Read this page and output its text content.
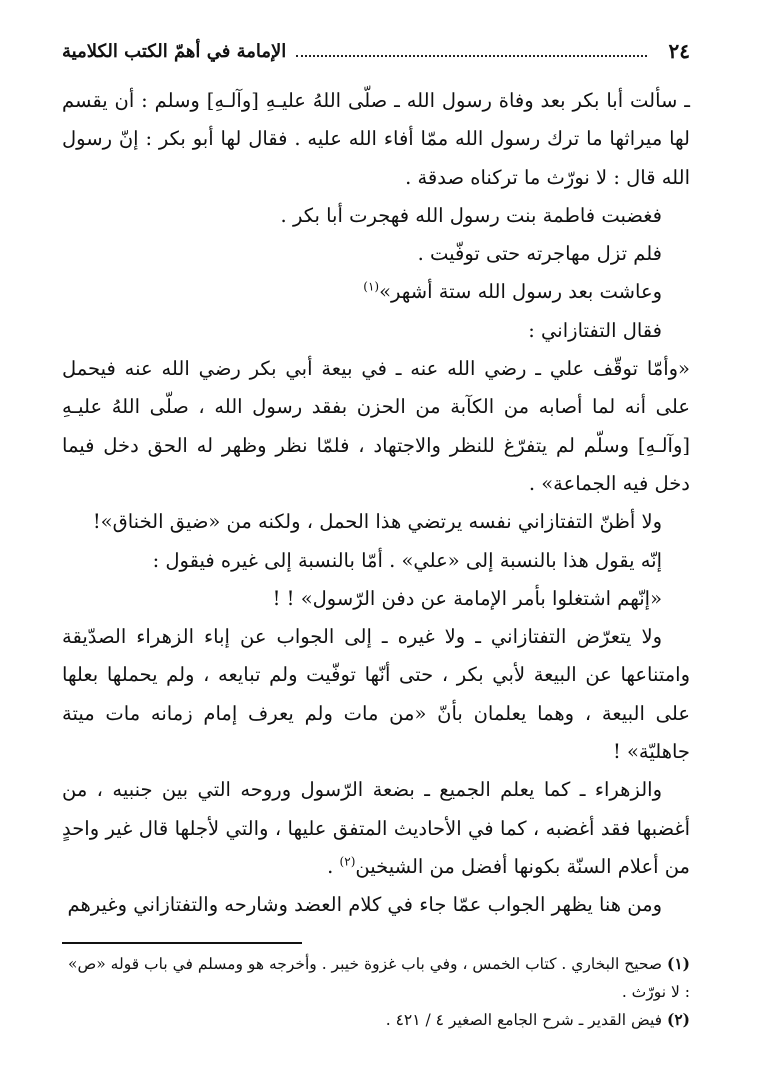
٢٤
الإمامة في أهمّ الكتب الكلامية

ـ سألت أبا بكر بعد وفاة رسول الله ـ صلّى اللهُ عليـهِ [وآلـهِ] وسلم : أن يقسم لها ميراثها ما ترك رسول الله ممّا أفاء الله عليه . فقال لها أبو بكر : إنّ رسول الله قال : لا نورّث ما تركناه صدقة .

فغضبت فاطمة بنت رسول الله فهجرت أبا بكر .

فلم تزل مهاجرته حتى توفّيت .

وعاشت بعد رسول الله ستة أشهر»$^{(١)}$

فقال التفتازاني :

«وأمّا توقّف علي ـ رضي الله عنه ـ في بيعة أبي بكر رضي الله عنه فيحمل على أنه لما أصابه من الكآبة من الحزن بفقد رسول الله ، صلّى اللهُ عليـهِ [وآلـهِ] وسلّم لم يتفرّغ للنظر والاجتهاد ، فلمّا نظر وظهر له الحق دخل فيما دخل فيه الجماعة» .

ولا أظنّ التفتازاني نفسه يرتضي هذا الحمل ، ولكنه من «ضيق الخناق»!

إنّه يقول هذا بالنسبة إلى «علي» . أمّا بالنسبة إلى غيره فيقول :

«إنّهم اشتغلوا بأمر الإمامة عن دفن الرّسول» ! !

ولا يتعرّض التفتازاني ـ ولا غيره ـ إلى الجواب عن إباء الزهراء الصدّيقة وامتناعها عن البيعة لأبي بكر ، حتى أنّها توفّيت ولم تبايعه ، ولم يحملها بعلها على البيعة ، وهما يعلمان بأنّ «من مات ولم يعرف إمام زمانه مات ميتة جاهليّة» !

والزهراء ـ كما يعلم الجميع ـ بضعة الرّسول وروحه التي بين جنبيه ، من أغضبها فقد أغضبه ، كما في الأحاديث المتفق عليها ، والتي لأجلها قال غير واحدٍ من أعلام السنّة بكونها أفضل من الشيخين$^{(٢)}$ .

ومن هنا يظهر الجواب عمّا جاء في كلام العضد وشارحه والتفتازاني وغيرهم

(١) صحيح البخاري . كتاب الخمس ، وفي باب غزوة خيبر . وأخرجه هو ومسلم في باب قوله «ص» : لا نورّث .

(٢) فيض القدير ـ شرح الجامع الصغير ٤ / ٤٢١ .
